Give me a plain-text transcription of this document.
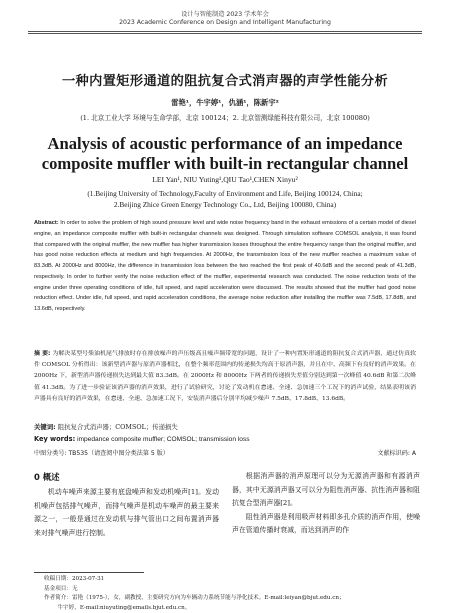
设计与智能制造 2023 学术年会
2023 Academic Conference on Design and Intelligent Manufacturing
一种内置矩形通道的阻抗复合式消声器的声学性能分析
雷艳¹，牛宇婷¹，仇涵¹，陈新宇²
(1. 北京工业大学 环境与生命学部，北京 100124；2. 北京智测绿能科技有限公司，北京 100080)
Analysis of acoustic performance of an impedance
composite muffler with built-in rectangular channel
LEI Yan¹, NIU Yuting¹,QIU Tao¹,CHEN Xinyu²
(1.Beijing University of Technology,Faculty of Environment and Life, Beijing 100124, China;
2.Beijing Zhice Green Energy Technology Co., Ltd, Beijing 100080, China)
Abstract: In order to solve the problem of high sound pressure level and wide noise frequency band in the exhaust emissions of a certain model of diesel engine, an impedance composite muffler with built-in rectangular channels was designed. Through simulation software COMSOL analysis, it was found that compared with the original muffler, the new muffler has higher transmission losses throughout the entire frequency range than the original muffler, and has good noise reduction effects at medium and high frequencies. At 2000Hz, the transmission loss of the new muffler reaches a maximum value of 83.3dB. At 2000Hz and 8000Hz, the difference in transmission loss between the two reached the first peak of 40.6dB and the second peak of 41.3dB, respectively. In order to further verify the noise reduction effect of the muffler, experimental research was conducted. The noise reduction tests of the engine under three operating conditions of idle, full speed, and rapid acceleration were discussed. The results showed that the muffler had good noise reduction effect. Under idle, full speed, and rapid acceleration conditions, the average noise reduction after installing the muffler was 7.5dB, 17.8dB, and 13.6dB, respectively.
摘 要: 为解决某型号柴油机尾气排放时存在排放噪声的声压级高且噪声频带宽的问题，设计了一种内置矩形通道的阻抗复合式消声器，通过仿真软件 COMSOL 分析得出：该新型消声器与原消声器相比，在整个频率范围内的传递损失均高于原消声器，并且在中、高频下有良好的消声效果。在 2000Hz 下，新型消声器传递损失达到最大值 83.3dB。在 2000Hz 和 8000Hz 下两者的传递损失差值分别达到第一次峰值 40.6dB 和第二次峰值 41.3dB。为了进一步验证该消声器的消声效果，进行了试验研究，讨论了发动机在怠速、全速、急加速三个工况下的消声试验，结果表明该消声器具有良好的消声效果，在怠速、全速、急加速工况下，安装消声器后分别平均减少噪声 7.5dB、17.8dB、13.6dB。
关键词: 阻抗复合式消声器；COMSOL；传递损失
Key words: impedance composite muffler; COMSOL; transmission loss
中图分类号: TB535（请查阅中图分类法第 5 版）	文献标识码: A
0 概述
机动车噪声来源主要有底盘噪声和发动机噪声[1]。发动机噪声包括排气噪声，而排气噪声是机动车噪声的最主要来源之一，一般是通过在发动机与排气管出口之间布置消声器来对排气噪声进行控制。
根据消声器的消声原理可以分为无源消声器和有源消声器，其中无源消声器又可以分为阻性消声器、抗性消声器和阻抗复合型消声器[2]。
阻性消声器是利用吸声材料即多孔介质的消声作用，使噪声在管道传播时衰减，而达到消声的作
收稿日期：2023-07-31
基金项目：无
作者简介：雷艳（1975-），女，副教授，主要研究方向为车辆动力系统节能与净化技术。E-mail:leiyan@bjut.edu.cn；
牛宇婷，E-mail:niuyuting@emails.bjut.edu.cn。
